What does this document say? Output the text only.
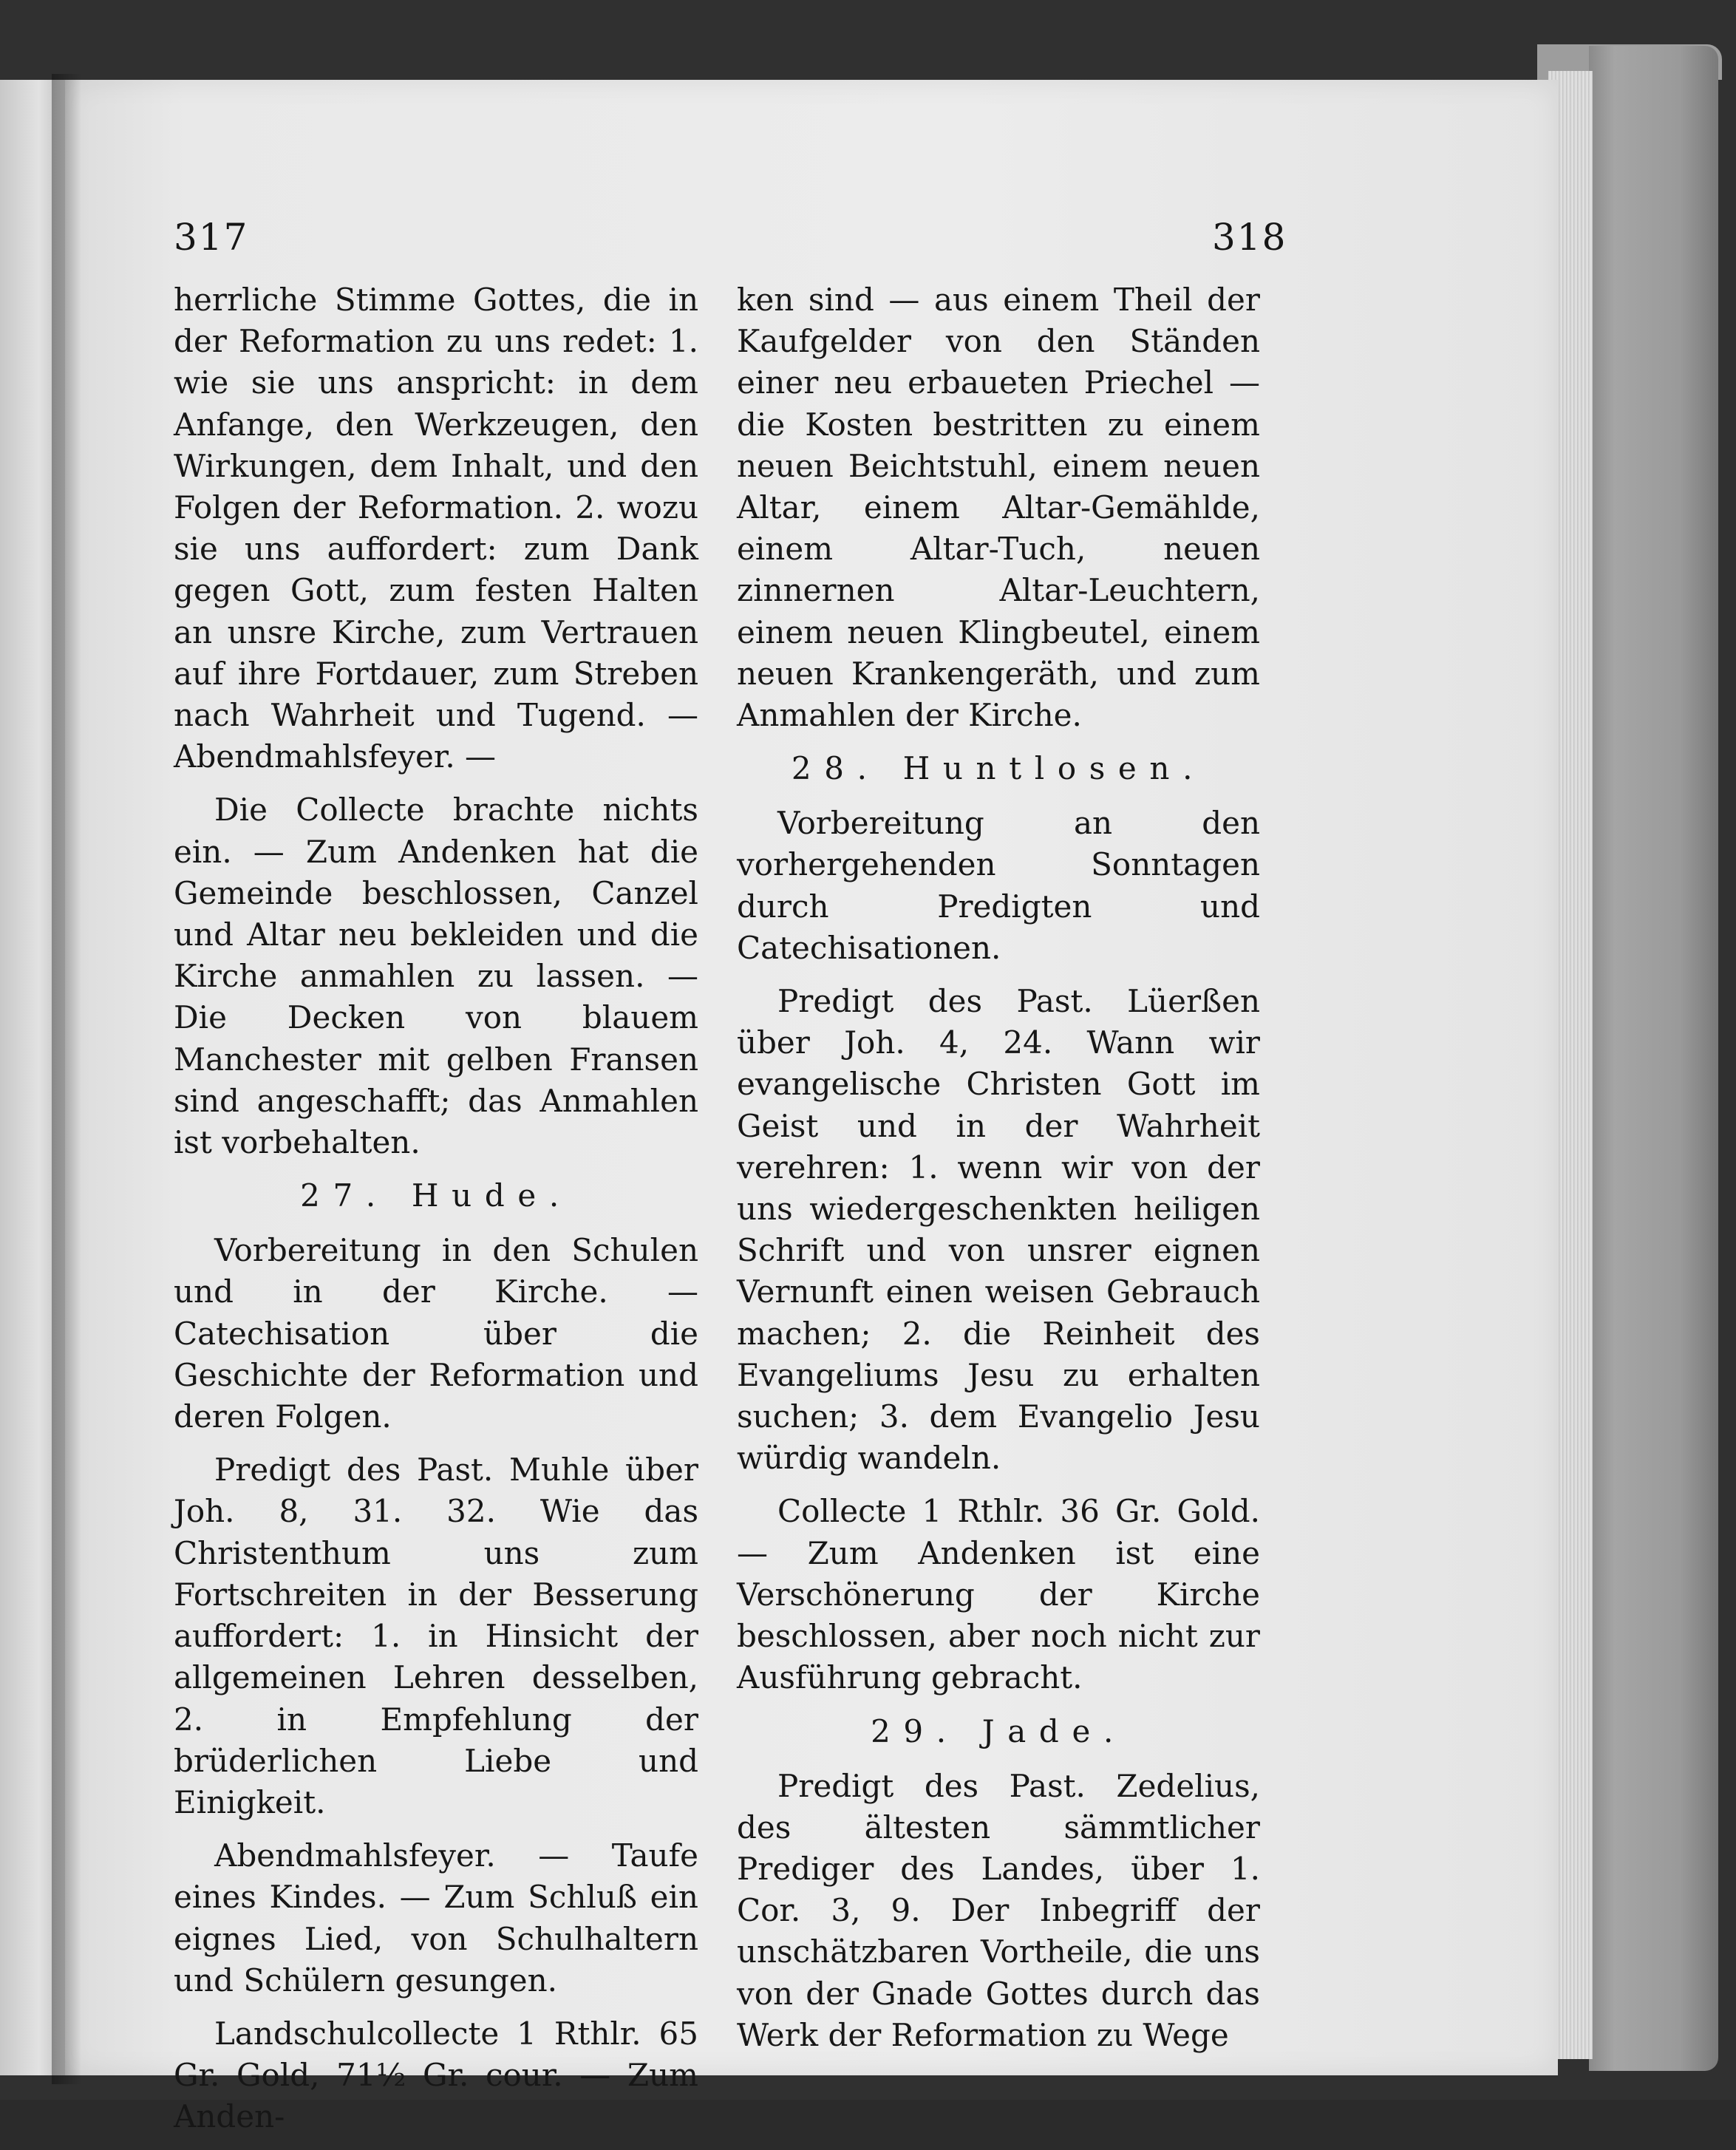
317	318

herrliche Stimme Gottes, die in der Reformation zu uns redet: 1. wie sie uns anspricht: in dem Anfange, den Werkzeugen, den Wirkungen, dem Inhalt, und den Folgen der Reformation. 2. wozu sie uns auffordert: zum Dank gegen Gott, zum festen Halten an unsre Kirche, zum Vertrauen auf ihre Fortdauer, zum Streben nach Wahrheit und Tugend. — Abendmahlsfeyer. —

Die Collecte brachte nichts ein. — Zum Andenken hat die Gemeinde beschlossen, Canzel und Altar neu bekleiden und die Kirche anmahlen zu lassen. — Die Decken von blauem Manchester mit gelben Fransen sind angeschafft; das Anmahlen ist vorbehalten.

27. Hude.

Vorbereitung in den Schulen und in der Kirche. — Catechisation über die Geschichte der Reformation und deren Folgen.

Predigt des Past. Muhle über Joh. 8, 31. 32. Wie das Christenthum uns zum Fortschreiten in der Besserung auffordert: 1. in Hinsicht der allgemeinen Lehren desselben, 2. in Empfehlung der brüderlichen Liebe und Einigkeit.

Abendmahlsfeyer. — Taufe eines Kindes. — Zum Schluß ein eignes Lied, von Schulhaltern und Schülern gesungen.

Landschulcollecte 1 Rthlr. 65 Gr. Gold, 71½ Gr. cour. — Zum Anden-

ken sind — aus einem Theil der Kaufgelder von den Ständen einer neu erbaueten Priechel — die Kosten bestritten zu einem neuen Beichtstuhl, einem neuen Altar, einem Altar-Gemählde, einem Altar-Tuch, neuen zinnernen Altar-Leuchtern, einem neuen Klingbeutel, einem neuen Krankengeräth, und zum Anmahlen der Kirche.

28. Huntlosen.

Vorbereitung an den vorhergehenden Sonntagen durch Predigten und Catechisationen.

Predigt des Past. Lüerßen über Joh. 4, 24. Wann wir evangelische Christen Gott im Geist und in der Wahrheit verehren: 1. wenn wir von der uns wiedergeschenkten heiligen Schrift und von unsrer eignen Vernunft einen weisen Gebrauch machen; 2. die Reinheit des Evangeliums Jesu zu erhalten suchen; 3. dem Evangelio Jesu würdig wandeln.

Collecte 1 Rthlr. 36 Gr. Gold. — Zum Andenken ist eine Verschönerung der Kirche beschlossen, aber noch nicht zur Ausführung gebracht.

29. Jade.

Predigt des Past. Zedelius, des ältesten sämmtlicher Prediger des Landes, über 1. Cor. 3, 9. Der Inbegriff der unschätzbaren Vortheile, die uns von der Gnade Gottes durch das Werk der Reformation zu Wege
